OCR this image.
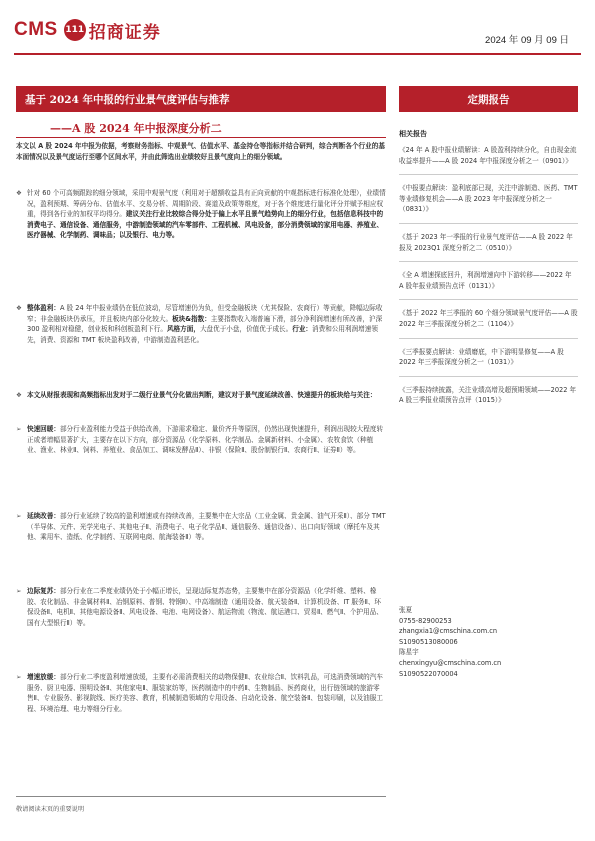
CMS 111 招商证券	2024 年 09 月 09 日
基于 2024 年中报的行业景气度评估与推荐
——A 股 2024 年中报深度分析二
定期报告
本文以 A 股 2024 年中报为依据，考察财务指标、中观景气、估值水平、基金持仓等指标并结合研判，综合判断各个行业的基本面情况以及景气度运行至哪个区间水平，并由此筛选出业绩较好且景气度向上的细分领域。
❖ 针对 60 个可高频跟踪的细分领域，采用中观景气度（利用对于超额收益具有正向贡献的中观指标进行标准化处理），业绩情况，盈利预期、筹码分布、估值水平、交易分析、周期阶段、赛道及政策等维度，对于各个维度进行量化评分并赋予相应权重，得到各行业的加权平均得分。建议关注行业比较综合得分处于偏上水平且景气趋势向上的细分行业，包括信息科技中的消费电子、通信设备、通信服务，中游制造领域的汽车零部件、工程机械、风电设备，部分消费领域的家用电器、养殖业、医疗器械、化学制药、调味品；以及银行、电力等。
❖ 整体盈利：A 股 24 年中报业绩仍在低位波动，尽管增速仍为负，但受金融板块（尤其保险、农商行）等贡献，降幅边际收窄；非金融板块仍承压，并且板块内部分化较大。板块&指数：主要指数收入端普遍下滑，部分净利润增速有所改善，沪深 300 盈利相对稳健，创业板和科创板盈利下行。风格方面，大盘优于小盘，价值优于成长。行业：消费和公用利润增速领先，消费、资源和 TMT 板块盈利改善，中游制造盈利恶化。
❖ 本文从财报表现和高频指标出发对于二级行业景气分化做出判断，建议对于景气度延续改善、快速提升的板块给与关注：
➢ 快速回暖：部分行业盈利能力受益于供给改善，下游需求稳定、量价齐升等原因，仍然出现快速提升，利润出现较大程度转正或者增幅显著扩大，主要存在以下方向，部分资源品（化学原料、化学制品、金属新材料、小金属）、农牧食饮（种植业、渔业、林业Ⅱ、饲料、养殖业、食品加工、调味发酵品Ⅱ）、非银（保险Ⅱ、股份制银行Ⅱ、农商行Ⅱ、证券Ⅱ）等。
➢ 延续改善：部分行业延续了较高的盈利增速或有持续改善，主要集中在大宗品（工业金属、贵金属、油气开采Ⅱ）、部分 TMT（半导体、元件、光学光电子、其他电子Ⅱ、消费电子、电子化学品Ⅱ、通信服务、通信设备）、出口向好领域（摩托车及其他、乘用车、造纸、化学制药、互联网电商、航海装备Ⅱ）等。
➢ 边际复苏：部分行业在二季度业绩仍处于小幅正增长，呈现边际复苏态势，主要集中在部分资源品（化学纤维、塑料、橡胶、农化制品、非金属材料Ⅱ、冶钢原料、普钢、特钢Ⅱ）、中高端制造（通用设备、航天装备Ⅱ、计算机设备、IT 服务Ⅱ、环保设备Ⅱ、电机Ⅱ、其他电源设备Ⅱ、风电设备、电池、电网设备）、航运物流（物流、航运港口、贸易Ⅱ、燃气Ⅱ、个护用品、国有大型银行Ⅱ）等。
➢ 增速放缓：部分行业二季度盈利增速放缓，主要有必需消费相关的动物保健Ⅱ、农业综合Ⅱ、饮料乳品，可选消费领域的汽车服务、厨卫电器、照明设备Ⅱ、其他家电Ⅱ、服装家纺等，医药制造中的中药Ⅱ、生物制品、医药商业，出行链领域的旅游零售Ⅱ、专业服务、影视院线、医疗美容、教育，机械制造领域的专用设备、自动化设备、航空装备Ⅱ、包装印刷，以及油服工程、环境治理、电力等细分行业。
相关报告
《24 年 A 股中报业绩解读：A 股盈利持续分化，自由现金流收益率提升——A 股 2024 年中报深度分析之一（0901）》
《中报要点解读：盈利底部已现，关注中游制造、医药、TMT 等业绩修复机会——A 股 2023 年中报深度分析之一（0831）》
《基于 2023 年一季报的行业景气度评估——A 股 2022 年报及 2023Q1 深度分析之二（0510）》
《全 A 增速探底回升，利润增速向中下游转移——2022 年 A 股年报业绩预告点评（0131）》
《基于 2022 年三季报的 60 个细分领域景气度评估——A 股 2022 年三季报深度分析之二（1104）》
《三季报要点解读：业绩磨底，中下游明显修复——A 股 2022 年三季报深度分析之一（1031）》
《三季报持续披露，关注业绩高增及超预期领域——2022 年 A 股三季报业绩预告点评（1015）》
张夏
0755-82900253
zhangxia1@cmschina.com.cn
S1090513080006
陈星宇
chenxingyu@cmschina.com.cn
S1090522070004
敬请阅读末页的重要说明
